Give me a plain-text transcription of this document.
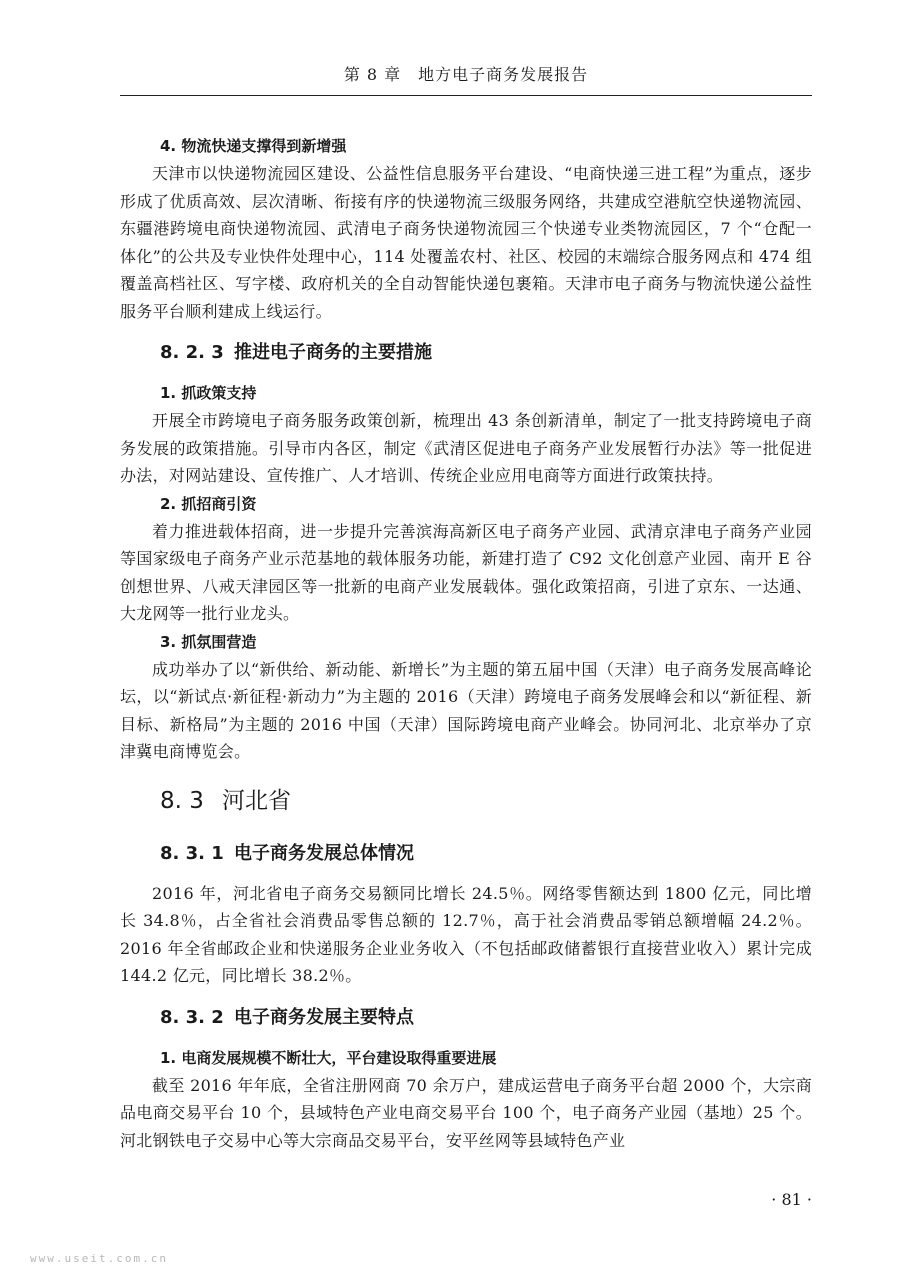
第 8 章　地方电子商务发展报告
4. 物流快递支撑得到新增强

天津市以快递物流园区建设、公益性信息服务平台建设、“电商快递三进工程”为重点，逐步形成了优质高效、层次清晰、衔接有序的快递物流三级服务网络，共建成空港航空快递物流园、东疆港跨境电商快递物流园、武清电子商务快递物流园三个快递专业类物流园区，7 个“仓配一体化”的公共及专业快件处理中心，114 处覆盖农村、社区、校园的末端综合服务网点和 474 组覆盖高档社区、写字楼、政府机关的全自动智能快递包裹箱。天津市电子商务与物流快递公益性服务平台顺利建成上线运行。

8. 2. 3 推进电子商务的主要措施
1. 抓政策支持

开展全市跨境电子商务服务政策创新，梳理出 43 条创新清单，制定了一批支持跨境电子商务发展的政策措施。引导市内各区，制定《武清区促进电子商务产业发展暂行办法》等一批促进办法，对网站建设、宣传推广、人才培训、传统企业应用电商等方面进行政策扶持。

2. 抓招商引资

着力推进载体招商，进一步提升完善滨海高新区电子商务产业园、武清京津电子商务产业园等国家级电子商务产业示范基地的载体服务功能，新建打造了 C92 文化创意产业园、南开 E 谷创想世界、八戒天津园区等一批新的电商产业发展载体。强化政策招商，引进了京东、一达通、大龙网等一批行业龙头。

3. 抓氛围营造

成功举办了以“新供给、新动能、新增长”为主题的第五届中国（天津）电子商务发展高峰论坛，以“新试点·新征程·新动力”为主题的 2016（天津）跨境电子商务发展峰会和以“新征程、新目标、新格局”为主题的 2016 中国（天津）国际跨境电商产业峰会。协同河北、北京举办了京津冀电商博览会。

8. 3 河北省
8. 3. 1 电子商务发展总体情况

2016 年，河北省电子商务交易额同比增长 24.5％。网络零售额达到 1800 亿元，同比增长 34.8％，占全省社会消费品零售总额的 12.7％，高于社会消费品零销总额增幅 24.2％。2016 年全省邮政企业和快递服务企业业务收入（不包括邮政储蓄银行直接营业收入）累计完成 144.2 亿元，同比增长 38.2％。

8. 3. 2 电子商务发展主要特点
1. 电商发展规模不断壮大，平台建设取得重要进展

截至 2016 年年底，全省注册网商 70 余万户，建成运营电子商务平台超 2000 个，大宗商品电商交易平台 10 个，县域特色产业电商交易平台 100 个，电子商务产业园（基地）25 个。河北钢铁电子交易中心等大宗商品交易平台，安平丝网等县域特色产业

· 81 ·
www.useit.com.cn
